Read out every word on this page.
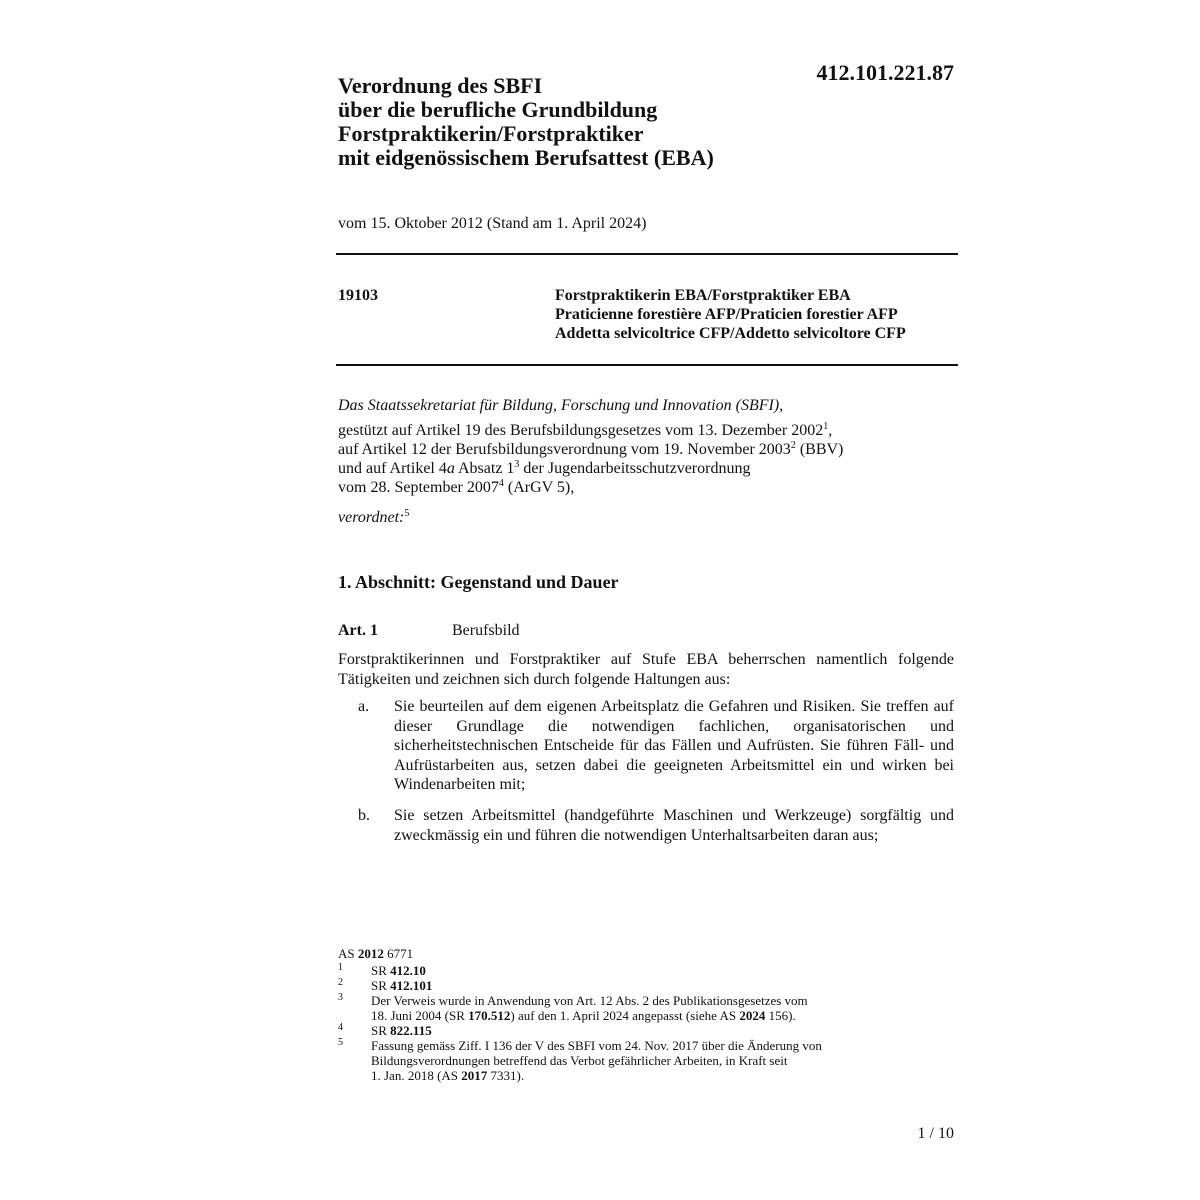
412.101.221.87
Verordnung des SBFI
über die berufliche Grundbildung
Forstpraktikerin/Forstpraktiker
mit eidgenössischem Berufsattest (EBA)
vom 15. Oktober 2012 (Stand am 1. April 2024)
19103	Forstpraktikerin EBA/Forstpraktiker EBA
Praticienne forestière AFP/Praticien forestier AFP
Addetta selvicoltrice CFP/Addetto selvicoltore CFP
Das Staatssekretariat für Bildung, Forschung und Innovation (SBFI),
gestützt auf Artikel 19 des Berufsbildungsgesetzes vom 13. Dezember 2002$^1$,
auf Artikel 12 der Berufsbildungsverordnung vom 19. November 2003$^2$ (BBV)
und auf Artikel 4a Absatz $1^3$ der Jugendarbeitsschutzverordnung
vom 28. September 2007$^4$ (ArGV 5),
verordnet:$^5$
1. Abschnitt: Gegenstand und Dauer
Art. 1	Berufsbild
Forstpraktikerinnen und Forstpraktiker auf Stufe EBA beherrschen namentlich folgende Tätigkeiten und zeichnen sich durch folgende Haltungen aus:
a. Sie beurteilen auf dem eigenen Arbeitsplatz die Gefahren und Risiken. Sie treffen auf dieser Grundlage die notwendigen fachlichen, organisatorischen und sicherheitstechnischen Entscheide für das Fällen und Aufrüsten. Sie führen Fäll- und Aufrüstarbeiten aus, setzen dabei die geeigneten Arbeitsmittel ein und wirken bei Windenarbeiten mit;
b. Sie setzen Arbeitsmittel (handgeführte Maschinen und Werkzeuge) sorgfältig und zweckmässig ein und führen die notwendigen Unterhaltsarbeiten daran aus;
AS 2012 6771
1 SR 412.10
2 SR 412.101
3 Der Verweis wurde in Anwendung von Art. 12 Abs. 2 des Publikationsgesetzes vom
18. Juni 2004 (SR 170.512) auf den 1. April 2024 angepasst (siehe AS 2024 156).
4 SR 822.115
5 Fassung gemäss Ziff. I 136 der V des SBFI vom 24. Nov. 2017 über die Änderung von
Bildungsverordnungen betreffend das Verbot gefährlicher Arbeiten, in Kraft seit
1. Jan. 2018 (AS 2017 7331).
1 / 10
